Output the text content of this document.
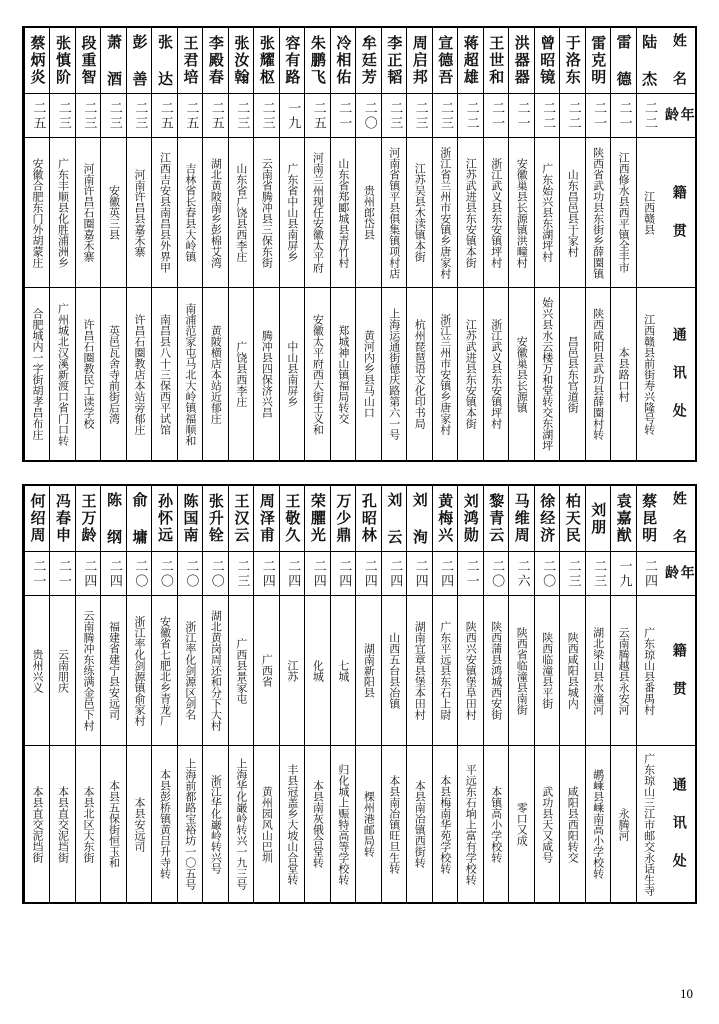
姓 名
年 龄
籍 贯
通 讯 处
陆 杰
二二
江西赣县
江西赣县前街寿兴隆号转
雷 德
二一
江西修水县西平镇全丰市
本县路口村
雷克明
二一
陕西省武功县东街乡薛圈镇
陕西咸阳县武功县薛圈村转
于洛东
二二
山东昌邑县于家村
昌邑县东官道街
曾昭镜
二二
广东始兴县东湖坪村
始兴县水云楼万和堂转交东湖坪
洪器器
二一
安徽巢县长源镇洪疃村
安徽巢县长源镇
王世和
二一
浙江武义县东安镇坪村
浙江武义县东安镇坪村
蒋超雄
二二
江苏武进县东安镇本街
江苏武进县东安镇本街
宣德吾
二三
浙江省兰州市安镇乡唐家村
浙江兰州市安镇乡唐家村
周启邦
二三
江苏吴县木渎镇本街
杭州琵琶语文化印书局
李正韬
二三
河南省镇平县俱集镇项村店
上海运通街德庆路第六一号
牟廷芳
二〇
贵州郎岱县
黄河内乡县马山口
冷相佑
二一
山东省郑郾城县青竹村
郑城神山镇福局转交
朱鹏飞
二五
河南兰州现任安徽太平府
安徽太平府西大街王义和
容有路
一九
广东省中山县南屏乡
中山县南屏乡
张耀枢
二三
云南省腾冲县三保东街
腾冲县四保济兴昌
张汝翰
二三
山东省广饶县西李庄
广饶县西李庄
李殿春
二五
湖北黄陂南乡彭棉艾湾
黄陂横店本站近郁庄
王君培
二五
吉林省长春县大岭镇
南浦范家屯马北大岭镇福顺和
张 达
二五
江西吉安县南昌县外界甲
南昌县八十三保西平试馆
彭 善
二三
河南许昌县嘉禾寨
许昌石圈教店本站旁郁庄
萧 酒
二三
安徽英三县
英邑瓦舍寺前街后湾
段重智
二三
河南许昌石圈嘉禾寨
许昌石圈教民工读学校
张慎阶
二三
广东丰顺县化胜浦洲乡
广州城北汉溪新渡口省门口转
蔡炳炎
二五
安徽合肥东门外胡蒙庄
合肥城内一字街胡孝昌布庄
姓 名
年 龄
籍 贯
通 讯 处
蔡昆明
二四
广东琼山县番禺村
广东琼山三江市邮交永话生寺
袁嘉猷
一九
云南腾越县永安河
永腾河
刘朋
二三
湖北梁山县水潼河
鹕嵊县嵊南高小学校转
柏天民
二三
陕西咸阳县城内
咸阳县西阳转交
徐经济
二〇
陕西临潼县平街
武功县天又咸号
马维周
二六
陕西省临潼县南街
零口又成
黎青云
二〇
陕西蒲县鸿城西安街
本镇高小学校转
刘鸿勋
二一
陕西兴安镇堡阜田村
平远东石垧上富有学校转
黄梅兴
二四
广东平远县东石上尉
本县梅南华苑学校转
刘 洵
二四
湖南宜章县堡本田村
本县南冶镇西街转
刘 云
二四
山西五台县冶镇
本县南冶镇旺旦生转
孔昭林
二四
湖南新阳县
棵州港邮局转
万少鼎
二四
七城
归化城上赈特高等学校转
荣臞光
二四
化城
本县南灰俄合堂转
王敬久
二四
江苏
丰县冠盖乡大坡山合堂转
周泽甫
二四
广西省
黄州园风山巴圳
王汉云
二三
广西县景家屯
上海华化巌岭转兴一九三号
张升铨
二〇
湖北黄岗周还和分下大村
浙江华化巌岭转兴号
陈国南
二〇
浙江率化剑源区剑名
上海前都路宝裕坊一〇五号
孙怀远
二〇
安徽省七肥北乡青龙厂
本县彭桥镇黄吕升寺转
俞 墉
二〇
浙江率化剑源镇俞家村
本县安远司
陈 纲
二四
福建省建宁县安远司
本县五保街恒玉和
王万龄
二四
云南腾冲东练满金邑下村
本县北区大东街
冯春申
二一
云南朋庆
本县直交泥垱街
何绍周
二一
贵州兴义
本县直交泥垱街
10
